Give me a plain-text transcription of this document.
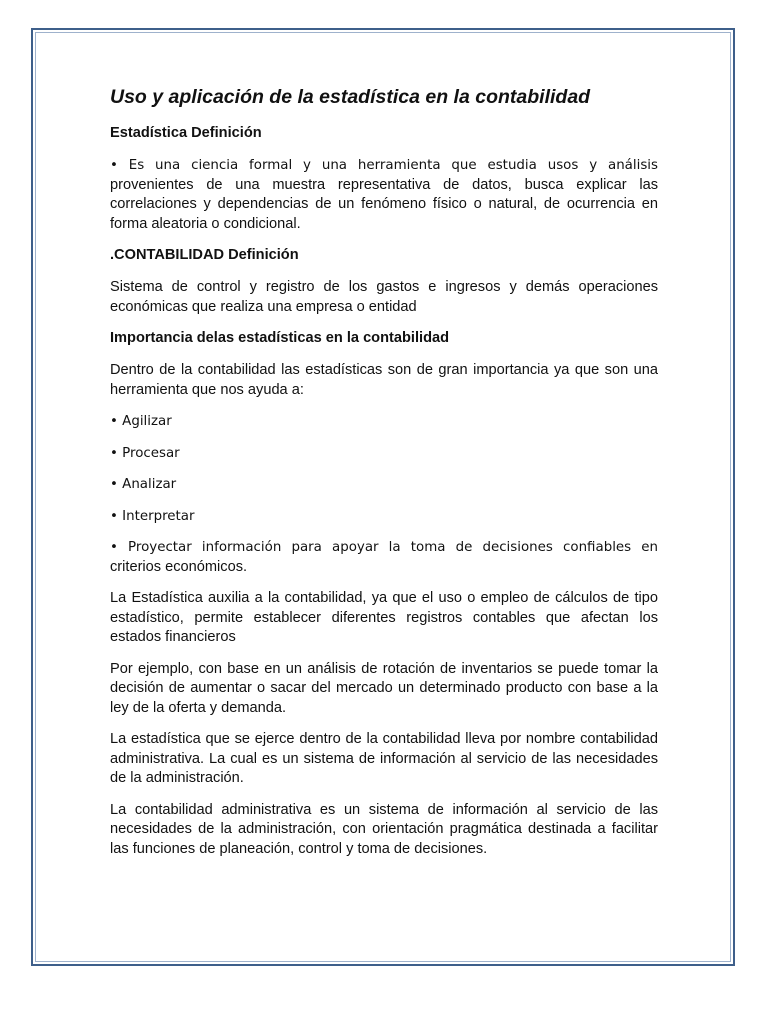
Uso y aplicación de la estadística en la contabilidad
Estadística Definición
• Es una ciencia formal y una herramienta que estudia usos y análisis
provenientes de una muestra representativa de datos, busca explicar las correlaciones y dependencias de un fenómeno físico o natural, de ocurrencia en forma aleatoria o condicional.
.CONTABILIDAD Definición
Sistema de control y registro de los gastos e ingresos y demás operaciones económicas que realiza una empresa o entidad
Importancia delas estadísticas en la contabilidad
Dentro de la contabilidad las estadísticas son de gran importancia ya que son una herramienta que nos ayuda a:
• Agilizar
• Procesar
• Analizar
• Interpretar
• Proyectar información para apoyar la toma de decisiones confiables en
criterios económicos.
La Estadística auxilia a la contabilidad, ya que el uso o empleo de cálculos de tipo estadístico, permite establecer diferentes registros contables que afectan los estados financieros
Por ejemplo, con base en un análisis de rotación de inventarios se puede tomar la decisión de aumentar o sacar del mercado un determinado producto con base a la ley de la oferta y demanda.
La estadística que se ejerce dentro de la contabilidad lleva por nombre contabilidad administrativa. La cual es un sistema de información al servicio de las necesidades de la administración.
La contabilidad administrativa es un sistema de información al servicio de las necesidades de la administración, con orientación pragmática destinada a facilitar las funciones de planeación, control y toma de decisiones.
